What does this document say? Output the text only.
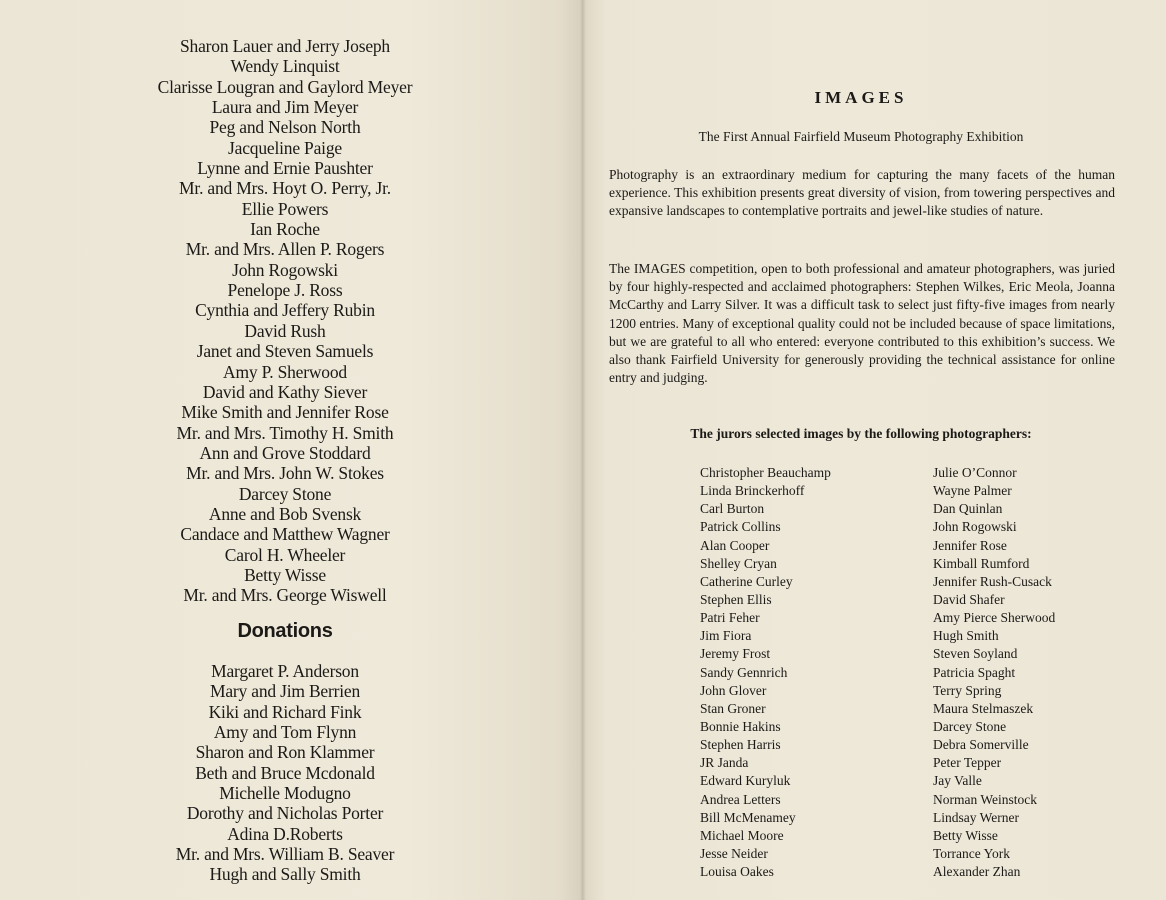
Sharon Lauer and Jerry Joseph
Wendy Linquist
Clarisse Lougran and Gaylord Meyer
Laura and Jim Meyer
Peg and Nelson North
Jacqueline Paige
Lynne and Ernie Paushter
Mr. and Mrs. Hoyt O. Perry, Jr.
Ellie Powers
Ian Roche
Mr. and Mrs. Allen P. Rogers
John Rogowski
Penelope J. Ross
Cynthia and Jeffery Rubin
David Rush
Janet and Steven Samuels
Amy P. Sherwood
David and Kathy Siever
Mike Smith and Jennifer Rose
Mr. and Mrs. Timothy H. Smith
Ann and Grove Stoddard
Mr. and Mrs. John W. Stokes
Darcey Stone
Anne and Bob Svensk
Candace and Matthew Wagner
Carol H. Wheeler
Betty Wisse
Mr. and Mrs. George Wiswell
Donations
Margaret P. Anderson
Mary and Jim Berrien
Kiki and Richard Fink
Amy and Tom Flynn
Sharon and Ron Klammer
Beth and Bruce Mcdonald
Michelle Modugno
Dorothy and Nicholas Porter
Adina D.Roberts
Mr. and Mrs. William B. Seaver
Hugh and Sally Smith
IMAGES
The First Annual Fairfield Museum Photography Exhibition
Photography is an extraordinary medium for capturing the many facets of the human experience. This exhibition presents great diversity of vision, from towering perspectives and expansive landscapes to contemplative portraits and jewel-like studies of nature.
The IMAGES competition, open to both professional and amateur photographers, was juried by four highly-respected and acclaimed photographers: Stephen Wilkes, Eric Meola, Joanna McCarthy and Larry Silver. It was a difficult task to select just fifty-five images from nearly 1200 entries. Many of exceptional quality could not be included because of space limitations, but we are grateful to all who entered: everyone contributed to this exhibition’s success. We also thank Fairfield University for generously providing the technical assistance for online entry and judging.
The jurors selected images by the following photographers:
Christopher Beauchamp
Linda Brinckerhoff
Carl Burton
Patrick Collins
Alan Cooper
Shelley Cryan
Catherine Curley
Stephen Ellis
Patri Feher
Jim Fiora
Jeremy Frost
Sandy Gennrich
John Glover
Stan Groner
Bonnie Hakins
Stephen Harris
JR Janda
Edward Kuryluk
Andrea Letters
Bill McMenamey
Michael Moore
Jesse Neider
Louisa Oakes
Julie O’Connor
Wayne Palmer
Dan Quinlan
John Rogowski
Jennifer Rose
Kimball Rumford
Jennifer Rush-Cusack
David Shafer
Amy Pierce Sherwood
Hugh Smith
Steven Soyland
Patricia Spaght
Terry Spring
Maura Stelmaszek
Darcey Stone
Debra Somerville
Peter Tepper
Jay Valle
Norman Weinstock
Lindsay Werner
Betty Wisse
Torrance York
Alexander Zhan
